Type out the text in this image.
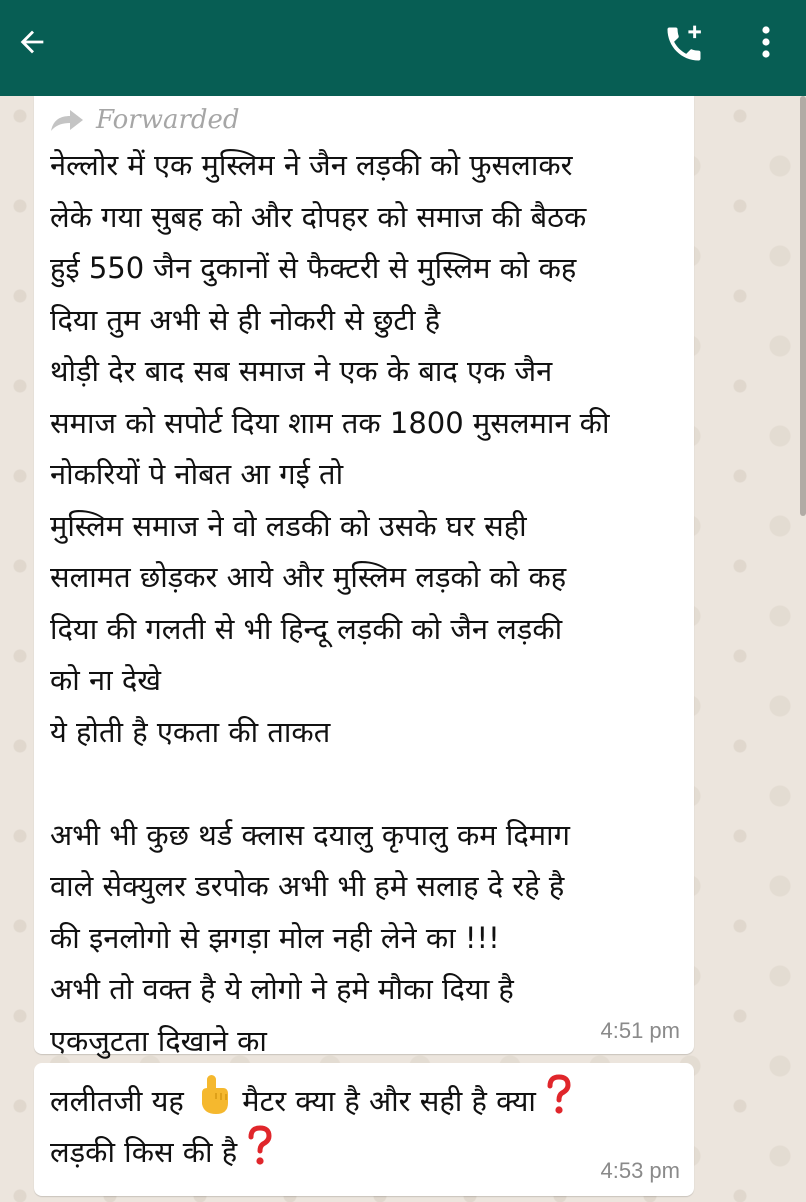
Forwarded
नेल्लोर में एक मुस्लिम ने जैन लड़की को फुसलाकर
लेके गया सुबह को और दोपहर को समाज की बैठक
हुई 550 जैन दुकानों से फैक्टरी से मुस्लिम को कह
दिया तुम अभी से ही नोकरी से छुटी है
थोड़ी देर बाद सब समाज ने एक के बाद एक जैन
समाज को सपोर्ट दिया शाम तक 1800 मुसलमान की
नोकरियों पे नोबत आ गई तो
मुस्लिम समाज ने वो लडकी को उसके घर सही
सलामत छोड़कर आये और मुस्लिम लड़को को कह
दिया की गलती से भी हिन्दू लड़की को जैन लड़की
को ना देखे
ये होती है एकता की ताकत
अभी भी कुछ थर्ड क्लास दयालु कृपालु कम दिमाग
वाले सेक्युलर डरपोक अभी भी हमे सलाह दे रहे है
की इनलोगो से झगड़ा मोल नही लेने का !!!
अभी तो वक्त है ये लोगो ने हमे मौका दिया है
एकजुटता दिखाने का	4:51 pm
ललीतजी यह मैटर क्या है और सही है क्या
लड़की किस की है
4:53 pm
